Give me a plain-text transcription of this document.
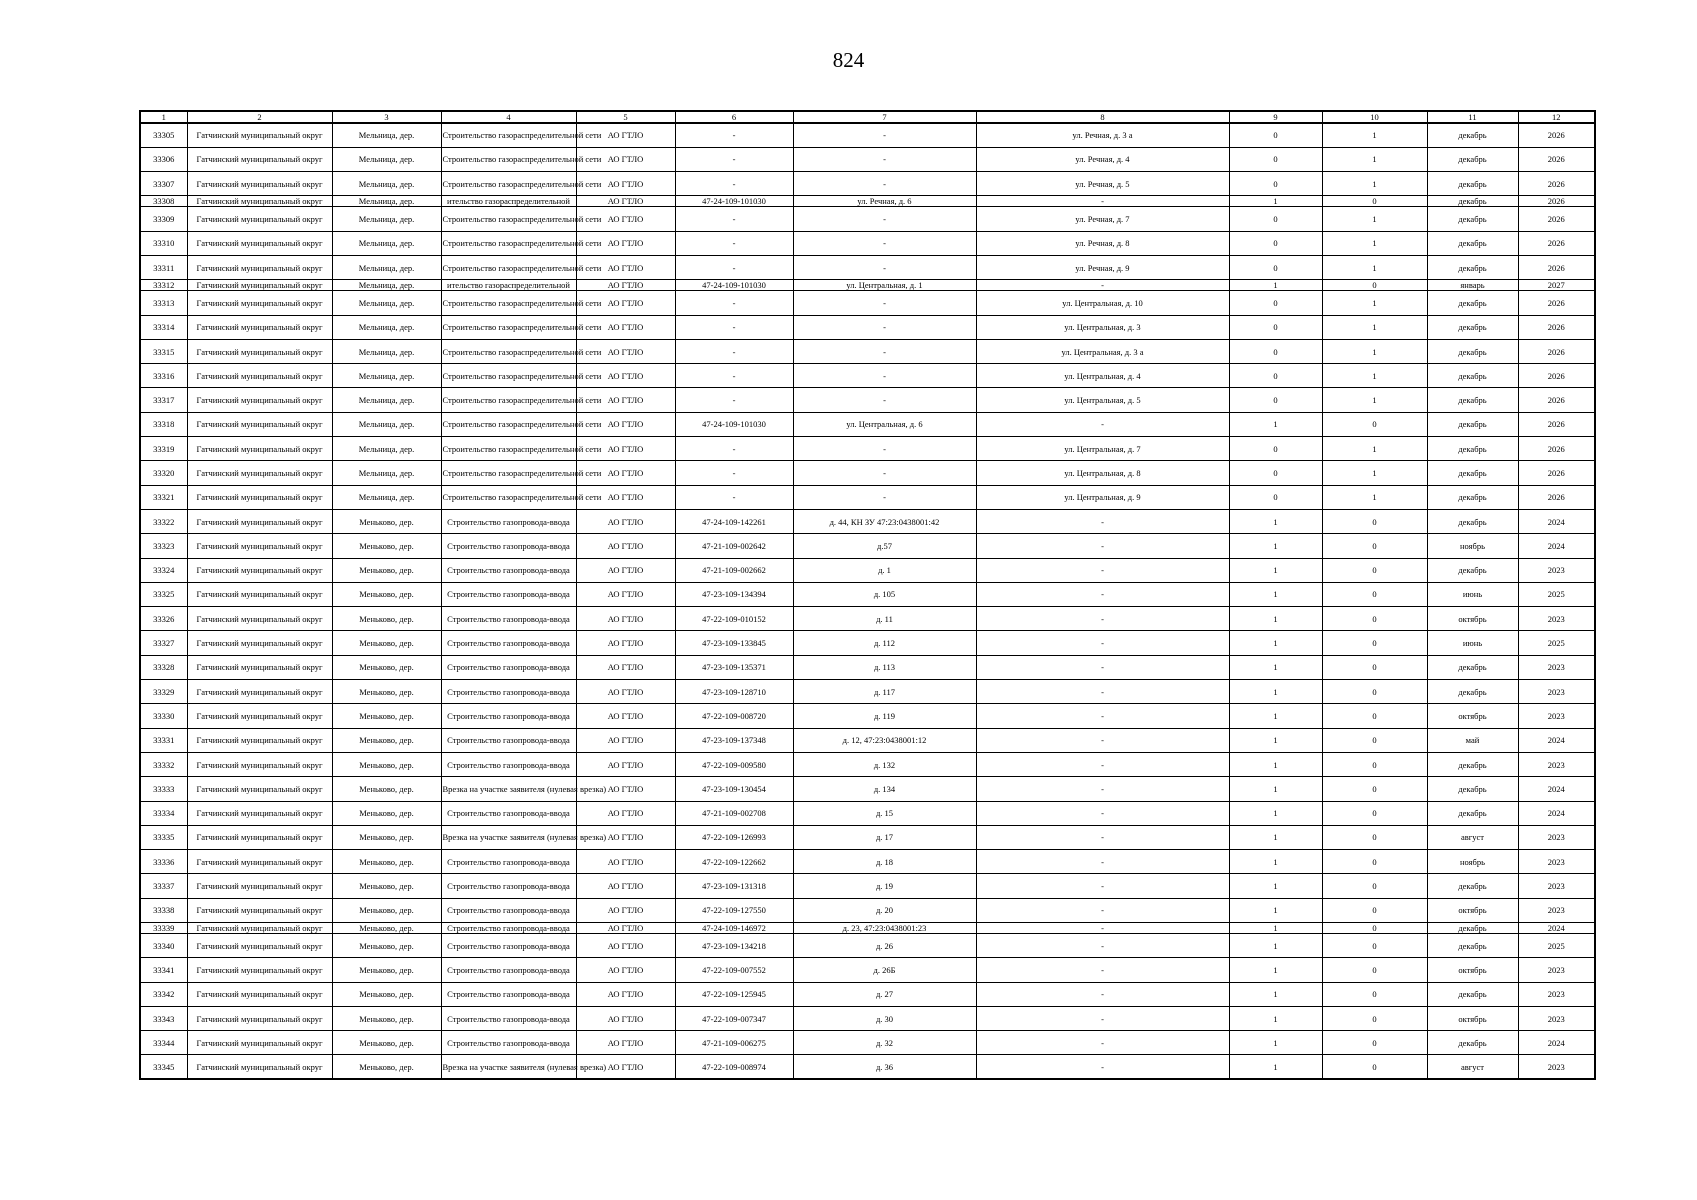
824
1	2	3	4	5	6	7	8	9	10	11	12
33305	Гатчинский муниципальный округ	Мельница, дер.	Строительство газораспределительной сети	АО ГТЛО	-	-	ул. Речная, д. 3 а	0	1	декабрь	2026
33306	Гатчинский муниципальный округ	Мельница, дер.	Строительство газораспределительной сети	АО ГТЛО	-	-	ул. Речная, д. 4	0	1	декабрь	2026
33307	Гатчинский муниципальный округ	Мельница, дер.	Строительство газораспределительной сети	АО ГТЛО	-	-	ул. Речная, д. 5	0	1	декабрь	2026
33308	Гатчинский муниципальный округ	Мельница, дер.	ительство газораспределительной	АО ГТЛО	47-24-109-101030	ул. Речная, д. 6	-	1	0	декабрь	2026
33309	Гатчинский муниципальный округ	Мельница, дер.	Строительство газораспределительной сети	АО ГТЛО	-	-	ул. Речная, д. 7	0	1	декабрь	2026
33310	Гатчинский муниципальный округ	Мельница, дер.	Строительство газораспределительной сети	АО ГТЛО	-	-	ул. Речная, д. 8	0	1	декабрь	2026
33311	Гатчинский муниципальный округ	Мельница, дер.	Строительство газораспределительной сети	АО ГТЛО	-	-	ул. Речная, д. 9	0	1	декабрь	2026
33312	Гатчинский муниципальный округ	Мельница, дер.	ительство газораспределительной	АО ГТЛО	47-24-109-101030	ул. Центральная, д. 1	-	1	0	январь	2027
33313	Гатчинский муниципальный округ	Мельница, дер.	Строительство газораспределительной сети	АО ГТЛО	-	-	ул. Центральная, д. 10	0	1	декабрь	2026
33314	Гатчинский муниципальный округ	Мельница, дер.	Строительство газораспределительной сети	АО ГТЛО	-	-	ул. Центральная, д. 3	0	1	декабрь	2026
33315	Гатчинский муниципальный округ	Мельница, дер.	Строительство газораспределительной сети	АО ГТЛО	-	-	ул. Центральная, д. 3 а	0	1	декабрь	2026
33316	Гатчинский муниципальный округ	Мельница, дер.	Строительство газораспределительной сети	АО ГТЛО	-	-	ул. Центральная, д. 4	0	1	декабрь	2026
33317	Гатчинский муниципальный округ	Мельница, дер.	Строительство газораспределительной сети	АО ГТЛО	-	-	ул. Центральная, д. 5	0	1	декабрь	2026
33318	Гатчинский муниципальный округ	Мельница, дер.	Строительство газораспределительной сети	АО ГТЛО	47-24-109-101030	ул. Центральная, д. 6	-	1	0	декабрь	2026
33319	Гатчинский муниципальный округ	Мельница, дер.	Строительство газораспределительной сети	АО ГТЛО	-	-	ул. Центральная, д. 7	0	1	декабрь	2026
33320	Гатчинский муниципальный округ	Мельница, дер.	Строительство газораспределительной сети	АО ГТЛО	-	-	ул. Центральная, д. 8	0	1	декабрь	2026
33321	Гатчинский муниципальный округ	Мельница, дер.	Строительство газораспределительной сети	АО ГТЛО	-	-	ул. Центральная, д. 9	0	1	декабрь	2026
33322	Гатчинский муниципальный округ	Меньково, дер.	Строительство газопровода-ввода	АО ГТЛО	47-24-109-142261	д. 44, КН ЗУ 47:23:0438001:42	-	1	0	декабрь	2024
33323	Гатчинский муниципальный округ	Меньково, дер.	Строительство газопровода-ввода	АО ГТЛО	47-21-109-002642	д.57	-	1	0	ноябрь	2024
33324	Гатчинский муниципальный округ	Меньково, дер.	Строительство газопровода-ввода	АО ГТЛО	47-21-109-002662	д. 1	-	1	0	декабрь	2023
33325	Гатчинский муниципальный округ	Меньково, дер.	Строительство газопровода-ввода	АО ГТЛО	47-23-109-134394	д. 105	-	1	0	июнь	2025
33326	Гатчинский муниципальный округ	Меньково, дер.	Строительство газопровода-ввода	АО ГТЛО	47-22-109-010152	д. 11	-	1	0	октябрь	2023
33327	Гатчинский муниципальный округ	Меньково, дер.	Строительство газопровода-ввода	АО ГТЛО	47-23-109-133845	д. 112	-	1	0	июнь	2025
33328	Гатчинский муниципальный округ	Меньково, дер.	Строительство газопровода-ввода	АО ГТЛО	47-23-109-135371	д. 113	-	1	0	декабрь	2023
33329	Гатчинский муниципальный округ	Меньково, дер.	Строительство газопровода-ввода	АО ГТЛО	47-23-109-128710	д. 117	-	1	0	декабрь	2023
33330	Гатчинский муниципальный округ	Меньково, дер.	Строительство газопровода-ввода	АО ГТЛО	47-22-109-008720	д. 119	-	1	0	октябрь	2023
33331	Гатчинский муниципальный округ	Меньково, дер.	Строительство газопровода-ввода	АО ГТЛО	47-23-109-137348	д. 12, 47:23:0438001:12	-	1	0	май	2024
33332	Гатчинский муниципальный округ	Меньково, дер.	Строительство газопровода-ввода	АО ГТЛО	47-22-109-009580	д. 132	-	1	0	декабрь	2023
33333	Гатчинский муниципальный округ	Меньково, дер.	Врезка на участке заявителя (нулевая врезка)	АО ГТЛО	47-23-109-130454	д. 134	-	1	0	декабрь	2024
33334	Гатчинский муниципальный округ	Меньково, дер.	Строительство газопровода-ввода	АО ГТЛО	47-21-109-002708	д. 15	-	1	0	декабрь	2024
33335	Гатчинский муниципальный округ	Меньково, дер.	Врезка на участке заявителя (нулевая врезка)	АО ГТЛО	47-22-109-126993	д. 17	-	1	0	август	2023
33336	Гатчинский муниципальный округ	Меньково, дер.	Строительство газопровода-ввода	АО ГТЛО	47-22-109-122662	д. 18	-	1	0	ноябрь	2023
33337	Гатчинский муниципальный округ	Меньково, дер.	Строительство газопровода-ввода	АО ГТЛО	47-23-109-131318	д. 19	-	1	0	декабрь	2023
33338	Гатчинский муниципальный округ	Меньково, дер.	Строительство газопровода-ввода	АО ГТЛО	47-22-109-127550	д. 20	-	1	0	октябрь	2023
33339	Гатчинский муниципальный округ	Меньково, дер.	Строительство газопровода-ввода	АО ГТЛО	47-24-109-146972	д. 23, 47:23:0438001:23	-	1	0	декабрь	2024
33340	Гатчинский муниципальный округ	Меньково, дер.	Строительство газопровода-ввода	АО ГТЛО	47-23-109-134218	д. 26	-	1	0	декабрь	2025
33341	Гатчинский муниципальный округ	Меньково, дер.	Строительство газопровода-ввода	АО ГТЛО	47-22-109-007552	д. 26Б	-	1	0	октябрь	2023
33342	Гатчинский муниципальный округ	Меньково, дер.	Строительство газопровода-ввода	АО ГТЛО	47-22-109-125945	д. 27	-	1	0	декабрь	2023
33343	Гатчинский муниципальный округ	Меньково, дер.	Строительство газопровода-ввода	АО ГТЛО	47-22-109-007347	д. 30	-	1	0	октябрь	2023
33344	Гатчинский муниципальный округ	Меньково, дер.	Строительство газопровода-ввода	АО ГТЛО	47-21-109-006275	д. 32	-	1	0	декабрь	2024
33345	Гатчинский муниципальный округ	Меньково, дер.	Врезка на участке заявителя (нулевая врезка)	АО ГТЛО	47-22-109-008974	д. 36	-	1	0	август	2023
